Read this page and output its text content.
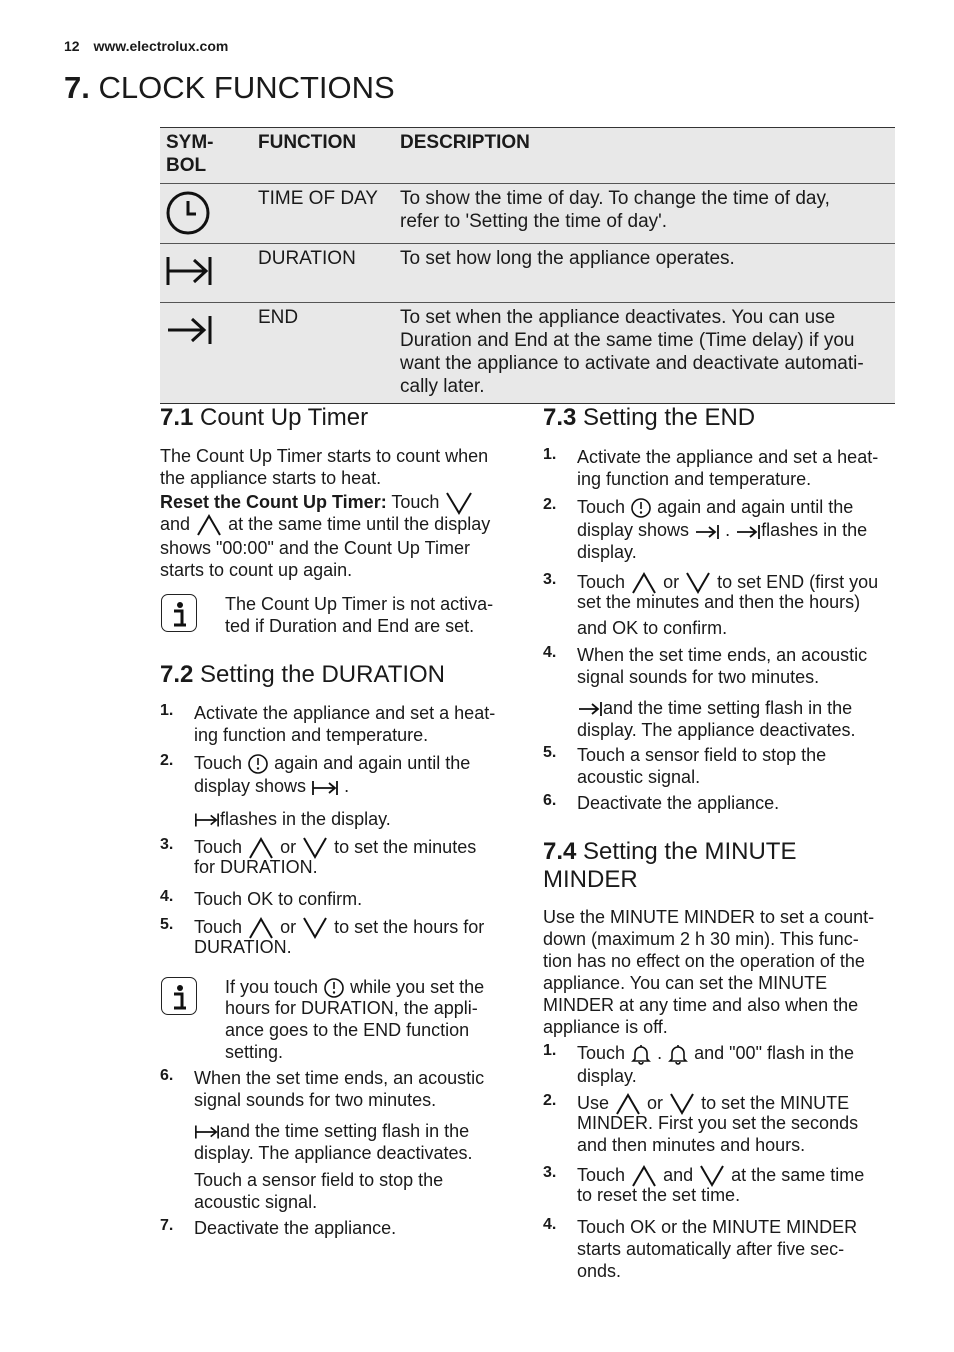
12 www.electrolux.com
7. CLOCK FUNCTIONS
SYM-
BOL	FUNCTION	DESCRIPTION
	TIME OF DAY	To show the time of day. To change the time of day,
refer to 'Setting the time of day'.
	DURATION	To set how long the appliance operates.
	END	To set when the appliance deactivates. You can use
Duration and End at the same time (Time delay) if you
want the appliance to activate and deactivate automati-
cally later.
7.1 Count Up Timer
The Count Up Timer starts to count when
the appliance starts to heat.
Reset the Count Up Timer: Touch
and at the same time until the display
shows "00:00" and the Count Up Timer
starts to count up again.
The Count Up Timer is not activa-
ted if Duration and End are set.
7.2 Setting the DURATION
1. Activate the appliance and set a heat-
ing function and temperature.
2. Touch again and again until the
display shows .
flashes in the display.
3. Touch or to set the minutes
for DURATION.
4. Touch OK to confirm.
5. Touch or to set the hours for
DURATION.
If you touch while you set the
hours for DURATION, the appli-
ance goes to the END function
setting.
6. When the set time ends, an acoustic
signal sounds for two minutes.
and the time setting flash in the
display. The appliance deactivates.
Touch a sensor field to stop the
acoustic signal.
7. Deactivate the appliance.
7.3 Setting the END
1. Activate the appliance and set a heat-
ing function and temperature.
2. Touch again and again until the
display shows . flashes in the
display.
3. Touch or to set END (first you
set the minutes and then the hours)
and OK to confirm.
4. When the set time ends, an acoustic
signal sounds for two minutes.
and the time setting flash in the
display. The appliance deactivates.
5. Touch a sensor field to stop the
acoustic signal.
6. Deactivate the appliance.
7.4 Setting the MINUTE
MINDER
Use the MINUTE MINDER to set a count-
down (maximum 2 h 30 min). This func-
tion has no effect on the operation of the
appliance. You can set the MINUTE
MINDER at any time and also when the
appliance is off.
1. Touch . and "00" flash in the
display.
2. Use or to set the MINUTE
MINDER. First you set the seconds
and then minutes and hours.
3. Touch and at the same time
to reset the set time.
4. Touch OK or the MINUTE MINDER
starts automatically after five sec-
onds.
